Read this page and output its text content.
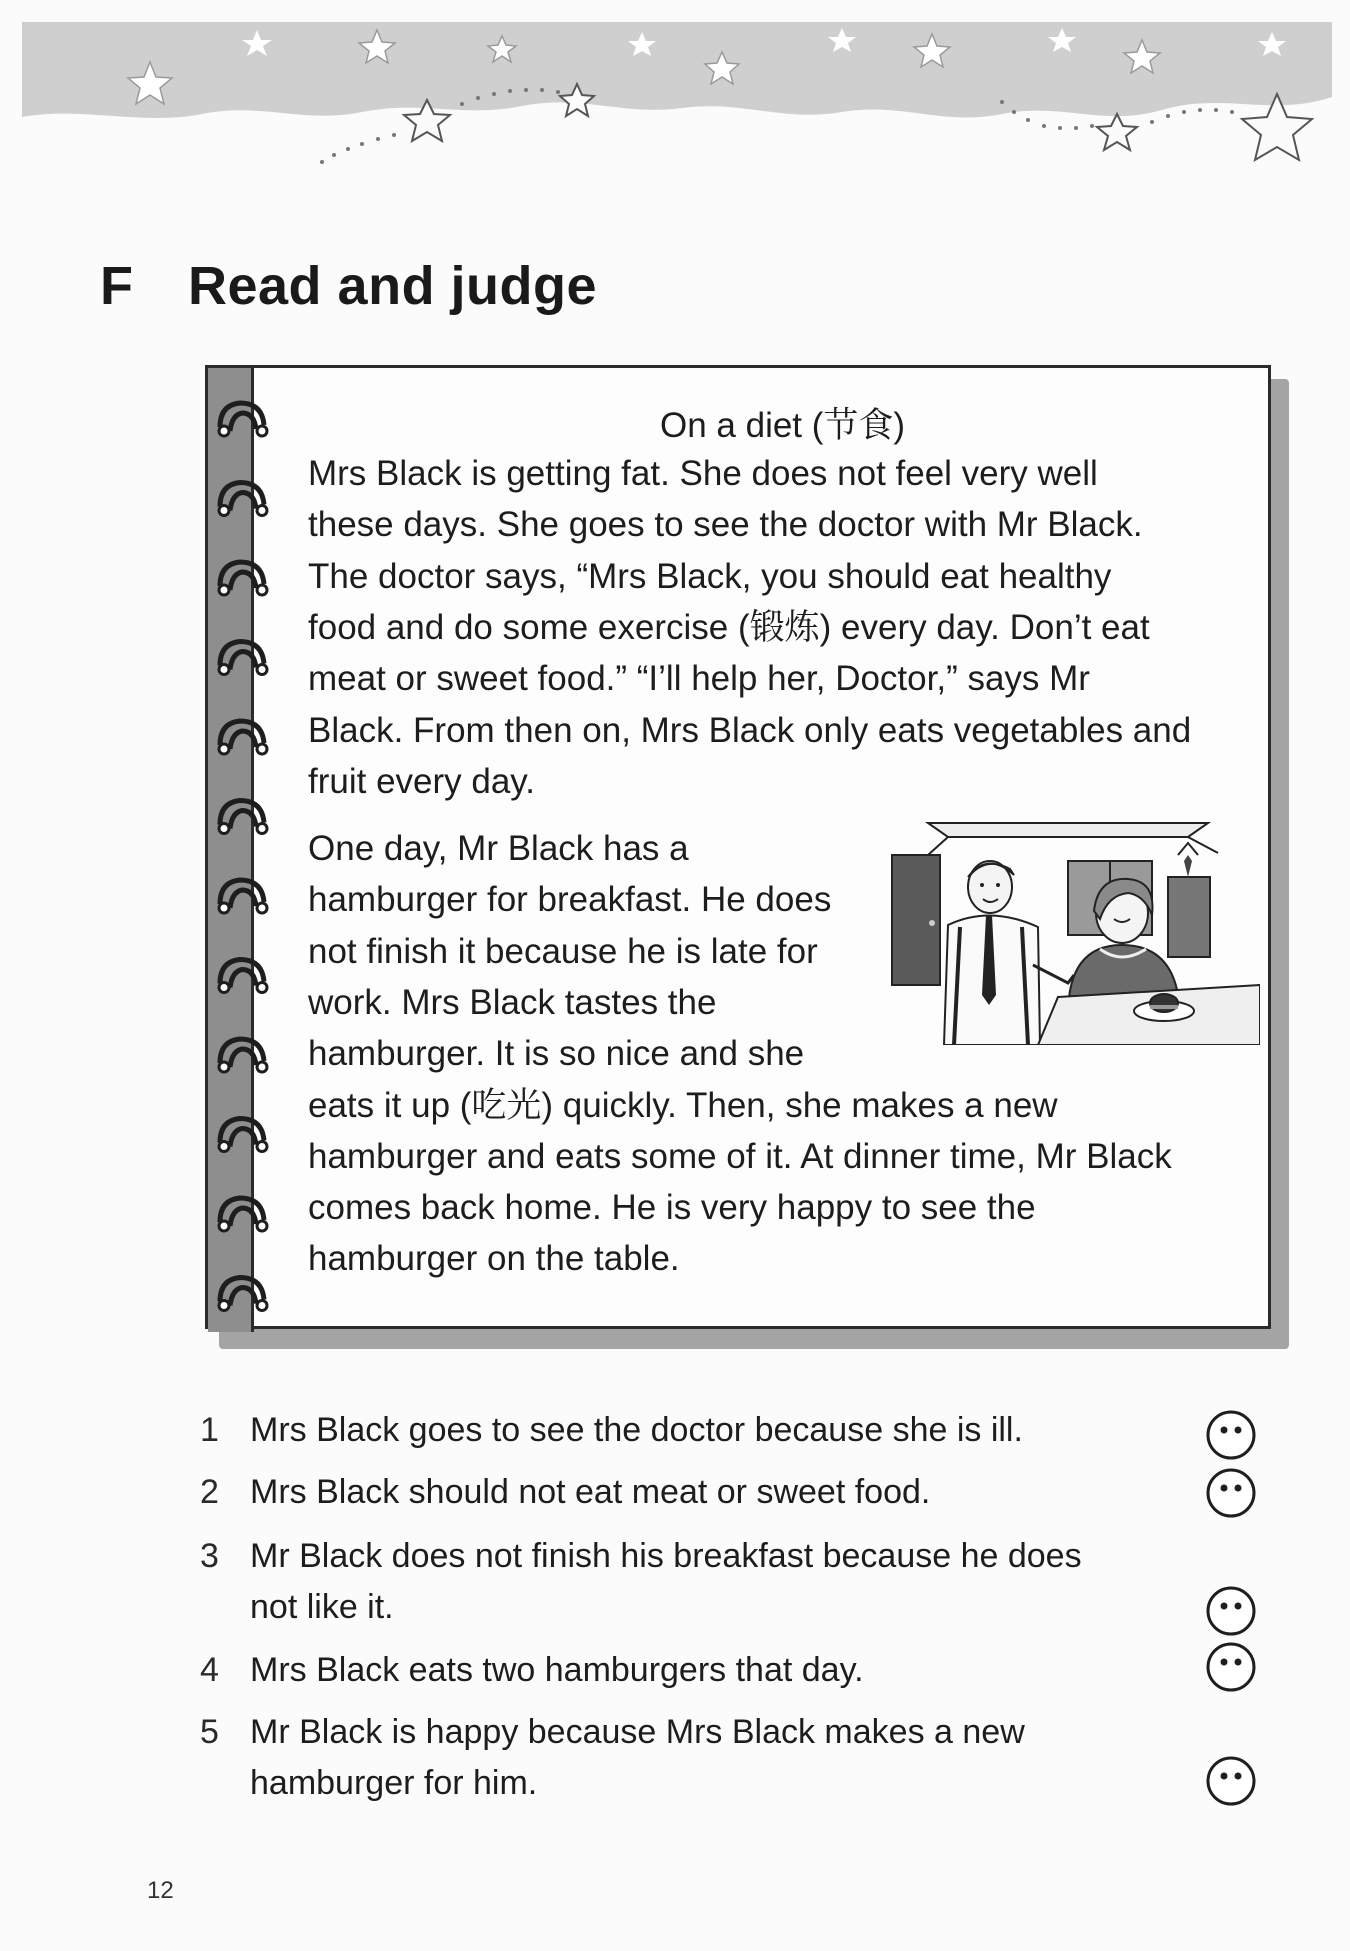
F Read and judge
On a diet (节食)
Mrs Black is getting fat. She does not feel very well
these days. She goes to see the doctor with Mr Black.
The doctor says, “Mrs Black, you should eat healthy
food and do some exercise (锻炼) every day. Don’t eat
meat or sweet food.” “I’ll help her, Doctor,” says Mr
Black. From then on, Mrs Black only eats vegetables and
fruit every day.
One day, Mr Black has a
hamburger for breakfast. He does
not finish it because he is late for
work. Mrs Black tastes the
hamburger. It is so nice and she
eats it up (吃光) quickly. Then, she makes a new
hamburger and eats some of it. At dinner time, Mr Black
comes back home. He is very happy to see the
hamburger on the table.
1 Mrs Black goes to see the doctor because she is ill.
2 Mrs Black should not eat meat or sweet food.
3 Mr Black does not finish his breakfast because he does
not like it.
4 Mrs Black eats two hamburgers that day.
5 Mr Black is happy because Mrs Black makes a new
hamburger for him.
12
